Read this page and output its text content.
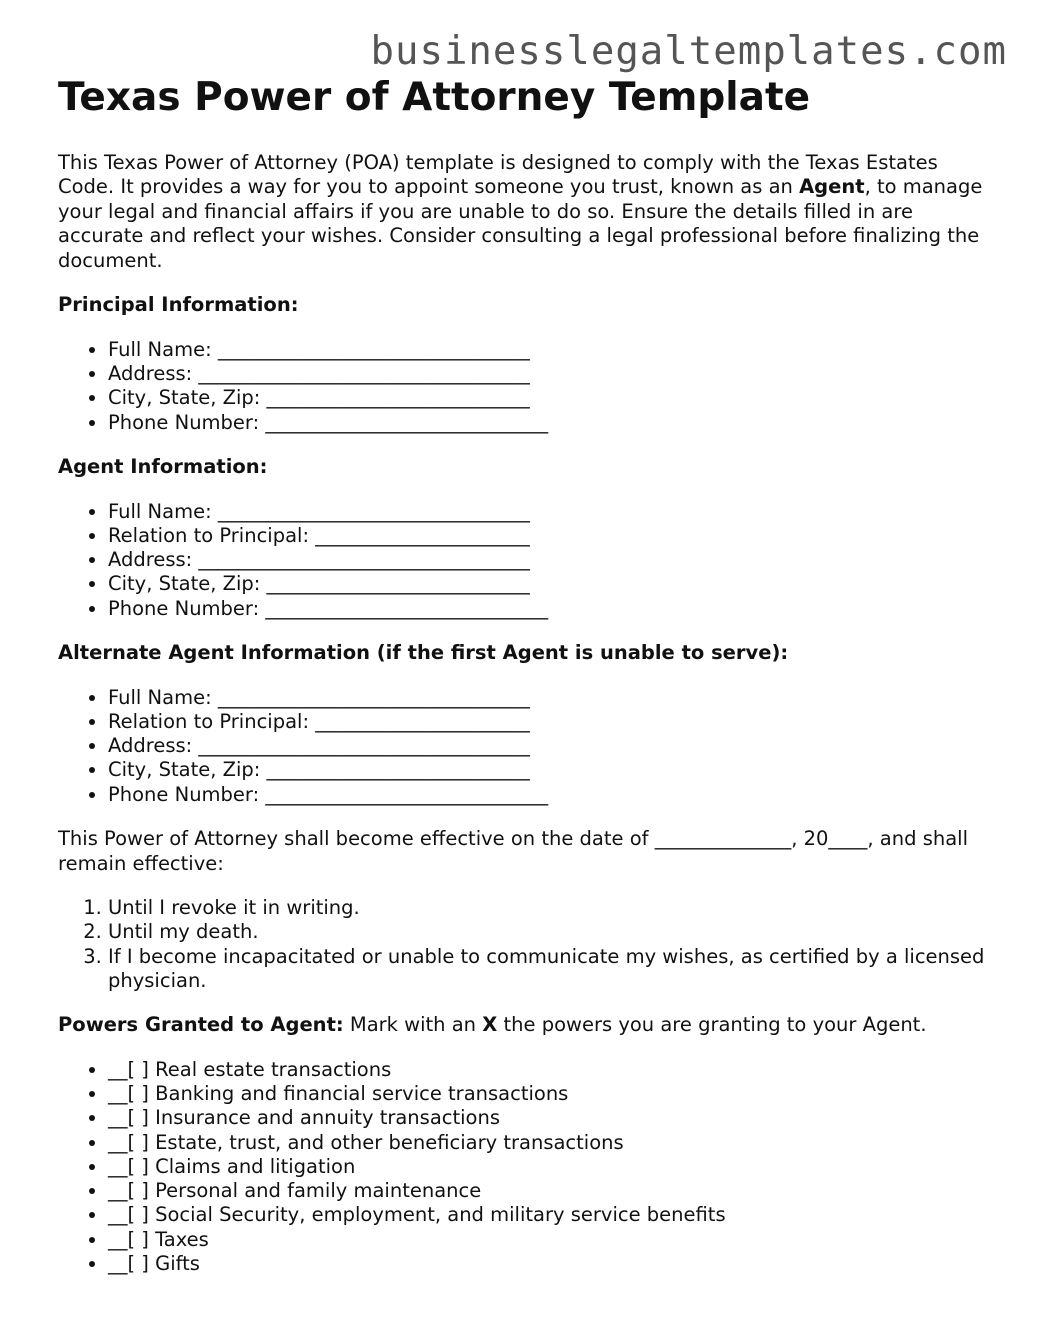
businesslegaltemplates.com
Texas Power of Attorney Template

This Texas Power of Attorney (POA) template is designed to comply with the Texas Estates Code. It provides a way for you to appoint someone you trust, known as an Agent, to manage your legal and financial affairs if you are unable to do so. Ensure the details filled in are accurate and reflect your wishes. Consider consulting a legal professional before finalizing the document.

Principal Information:

• Full Name: ________________________________
• Address: __________________________________
• City, State, Zip: ___________________________
• Phone Number: _____________________________

Agent Information:

• Full Name: ________________________________
• Relation to Principal: ______________________
• Address: __________________________________
• City, State, Zip: ___________________________
• Phone Number: _____________________________

Alternate Agent Information (if the first Agent is unable to serve):

• Full Name: ________________________________
• Relation to Principal: ______________________
• Address: __________________________________
• City, State, Zip: ___________________________
• Phone Number: _____________________________

This Power of Attorney shall become effective on the date of ______________, 20____, and shall remain effective:

1. Until I revoke it in writing.
2. Until my death.
3. If I become incapacitated or unable to communicate my wishes, as certified by a licensed physician.

Powers Granted to Agent: Mark with an X the powers you are granting to your Agent.

• __[ ] Real estate transactions
• __[ ] Banking and financial service transactions
• __[ ] Insurance and annuity transactions
• __[ ] Estate, trust, and other beneficiary transactions
• __[ ] Claims and litigation
• __[ ] Personal and family maintenance
• __[ ] Social Security, employment, and military service benefits
• __[ ] Taxes
• __[ ] Gifts
